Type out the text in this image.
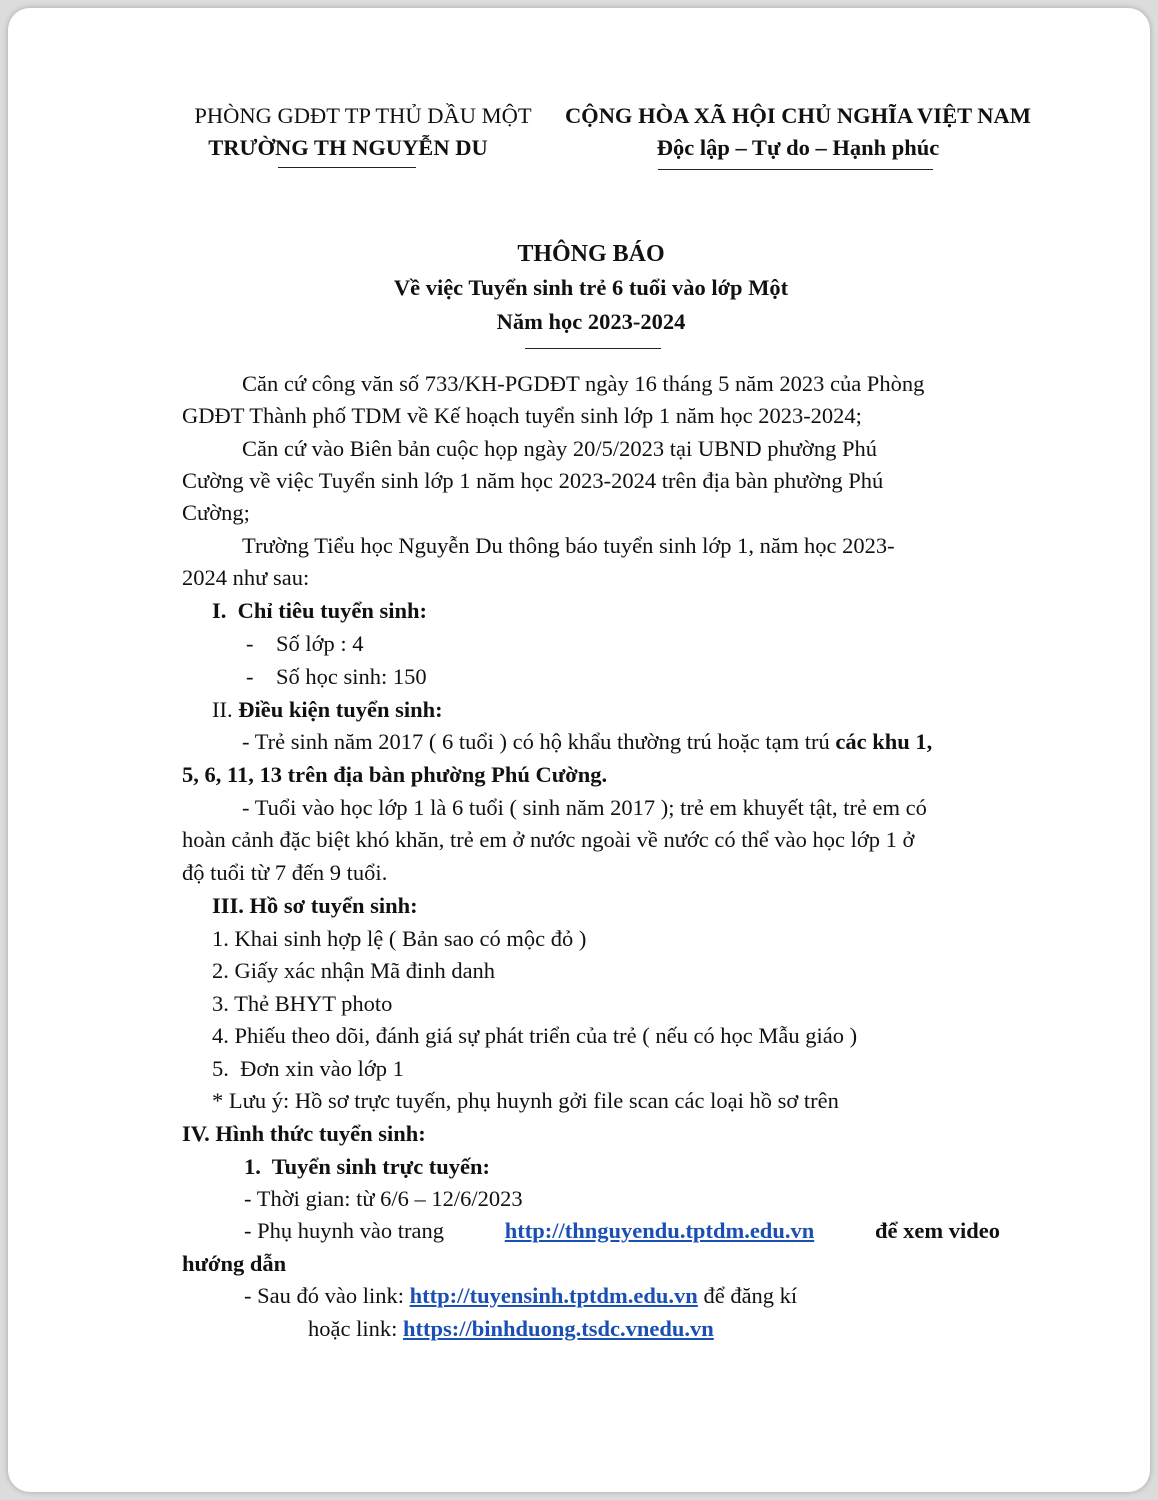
PHÒNG GDĐT TP THỦ DẦU MỘT
TRƯỜNG TH NGUYỄN DU
CỘNG HÒA XÃ HỘI CHỦ NGHĨA VIỆT NAM
Độc lập – Tự do – Hạnh phúc
THÔNG BÁO
Về việc Tuyển sinh trẻ 6 tuổi vào lớp Một
Năm học 2023-2024
Căn cứ công văn số 733/KH-PGDĐT ngày 16 tháng 5 năm 2023 của Phòng
GDĐT Thành phố TDM về Kế hoạch tuyển sinh lớp 1 năm học 2023-2024;
Căn cứ vào Biên bản cuộc họp ngày 20/5/2023 tại UBND phường Phú
Cường về việc Tuyển sinh lớp 1 năm học 2023-2024 trên địa bàn phường Phú
Cường;
Trường Tiểu học Nguyễn Du thông báo tuyển sinh lớp 1, năm học 2023-
2024 như sau:
I.  Chỉ tiêu tuyển sinh:
-    Số lớp : 4
-    Số học sinh: 150
II. Điều kiện tuyển sinh:
- Trẻ sinh năm 2017 ( 6 tuổi ) có hộ khẩu thường trú hoặc tạm trú các khu 1,
5, 6, 11, 13 trên địa bàn phường Phú Cường.
- Tuổi vào học lớp 1 là 6 tuổi ( sinh năm 2017 ); trẻ em khuyết tật, trẻ em có
hoàn cảnh đặc biệt khó khăn, trẻ em ở nước ngoài về nước có thể vào học lớp 1 ở
độ tuổi từ 7 đến 9 tuổi.
III. Hồ sơ tuyển sinh:
1. Khai sinh hợp lệ ( Bản sao có mộc đỏ )
2. Giấy xác nhận Mã đinh danh
3. Thẻ BHYT photo
4. Phiếu theo dõi, đánh giá sự phát triển của trẻ ( nếu có học Mẫu giáo )
5.  Đơn xin vào lớp 1
* Lưu ý: Hồ sơ trực tuyến, phụ huynh gởi file scan các loại hồ sơ trên
IV. Hình thức tuyển sinh:
1.  Tuyển sinh trực tuyến:
- Thời gian: từ 6/6 – 12/6/2023
- Phụ huynh vào trang	http://thnguyendu.tptdm.edu.vn	để xem video
hướng dẫn
- Sau đó vào link: http://tuyensinh.tptdm.edu.vn để đăng kí
hoặc link: https://binhduong.tsdc.vnedu.vn
